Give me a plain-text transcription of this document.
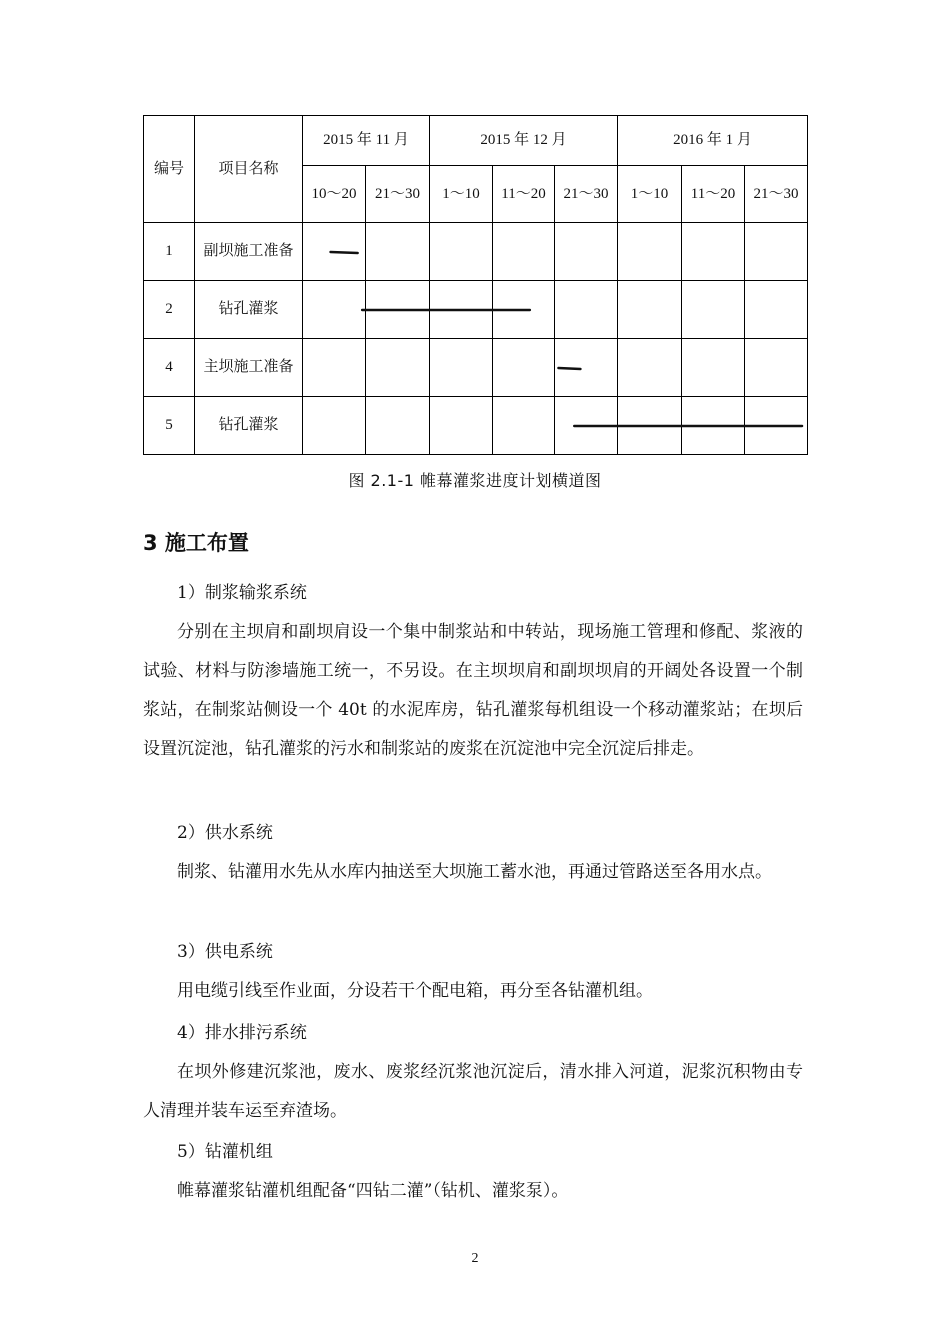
编号	项目名称	2015 年 11 月		2015 年 12 月			2016 年 1 月		
		10～20	21～30	1～10	11～20	21～30	1～10	11～20	21～30
1	副坝施工准备								
2	钻孔灌浆								
4	主坝施工准备								
5	钻孔灌浆								
图 2.1-1 帷幕灌浆进度计划横道图
3 施工布置
1）制浆输浆系统
分别在主坝肩和副坝肩设一个集中制浆站和中转站，现场施工管理和修配、浆液的试验、材料与防渗墙施工统一，不另设。在主坝坝肩和副坝坝肩的开阔处各设置一个制浆站，在制浆站侧设一个 40t 的水泥库房，钻孔灌浆每机组设一个移动灌浆站；在坝后设置沉淀池，钻孔灌浆的污水和制浆站的废浆在沉淀池中完全沉淀后排走。
2）供水系统
制浆、钻灌用水先从水库内抽送至大坝施工蓄水池，再通过管路送至各用水点。
3）供电系统
用电缆引线至作业面，分设若干个配电箱，再分至各钻灌机组。
4）排水排污系统
在坝外修建沉浆池，废水、废浆经沉浆池沉淀后，清水排入河道，泥浆沉积物由专人清理并装车运至弃渣场。
5）钻灌机组
帷幕灌浆钻灌机组配备“四钻二灌”（钻机、灌浆泵）。
2
